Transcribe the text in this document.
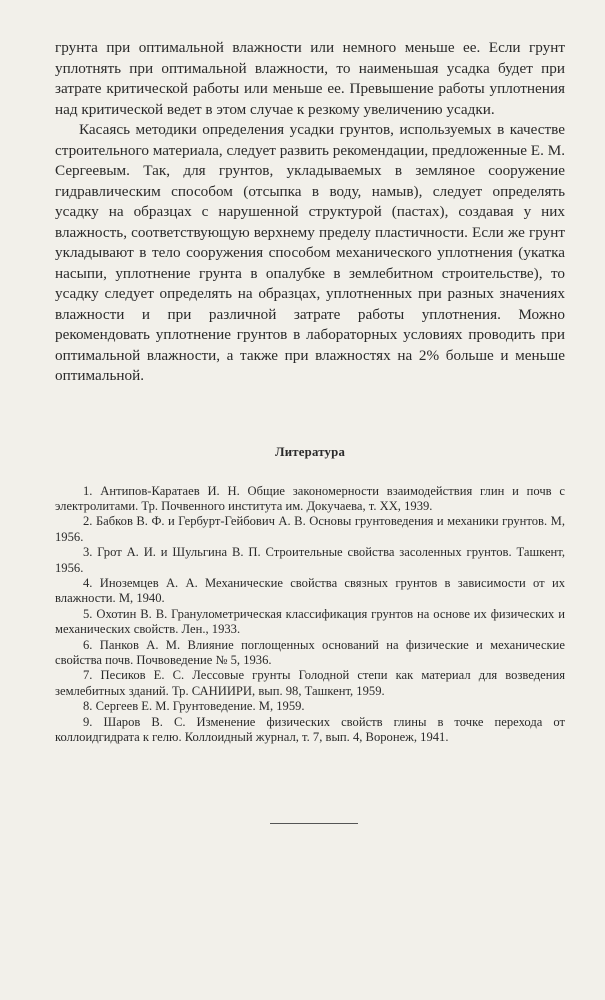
грунта при оптимальной влажности или немного меньше ее. Если грунт уплотнять при оптимальной влажности, то наименьшая усадка будет при затрате критической работы или меньше ее. Превышение работы уплотнения над критической ведет в этом случае к резкому увеличению усадки.

Касаясь методики определения усадки грунтов, используемых в качестве строительного материала, следует развить рекомендации, предложенные Е. М. Сергеевым. Так, для грунтов, укладываемых в земляное сооружение гидравлическим способом (отсыпка в воду, намыв), следует определять усадку на образцах с нарушенной структурой (пастах), создавая у них влажность, соответствующую верхнему пределу пластичности. Если же грунт укладывают в тело сооружения способом механического уплотнения (укатка насыпи, уплотнение грунта в опалубке в землебитном строительстве), то усадку следует определять на образцах, уплотненных при разных значениях влажности и при различной затрате работы уплотнения. Можно рекомендовать уплотнение грунтов в лабораторных условиях проводить при оптимальной влажности, а также при влажностях на 2% больше и меньше оптимальной.

Литература
1. Антипов-Каратаев И. Н. Общие закономерности взаимодействия глин и почв с электролитами. Тр. Почвенного института им. Докучаева, т. XX, 1939.
2. Бабков В. Ф. и Гербурт-Гейбович А. В. Основы грунтоведения и механики грунтов. М, 1956.
3. Грот А. И. и Шульгина В. П. Строительные свойства засоленных грунтов. Ташкент, 1956.
4. Иноземцев А. А. Механические свойства связных грунтов в зависимости от их влажности. М, 1940.
5. Охотин В. В. Гранулометрическая классификация грунтов на основе их физических и механических свойств. Лен., 1933.
6. Панков А. М. Влияние поглощенных оснований на физические и механические свойства почв. Почвоведение № 5, 1936.
7. Песиков Е. С. Лессовые грунты Голодной степи как материал для возведения землебитных зданий. Тр. САНИИРИ, вып. 98, Ташкент, 1959.
8. Сергеев Е. М. Грунтоведение. М, 1959.
9. Шаров В. С. Изменение физических свойств глины в точке перехода от коллоидгидрата к гелю. Коллоидный журнал, т. 7, вып. 4, Воронеж, 1941.
